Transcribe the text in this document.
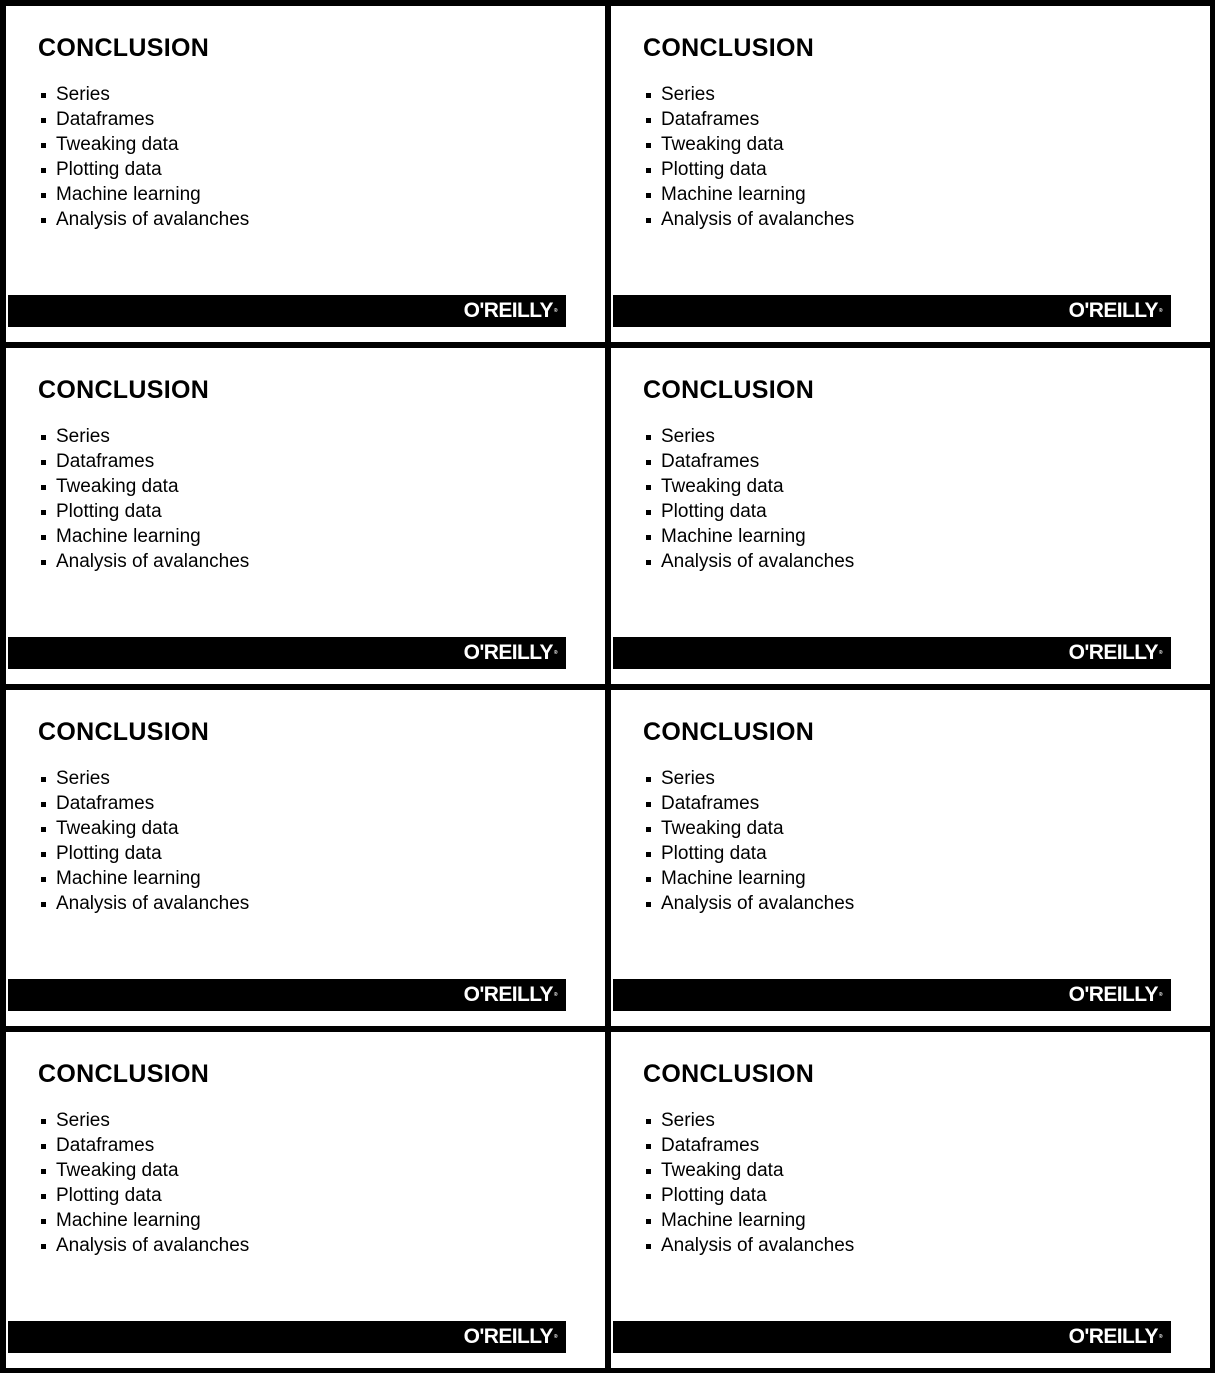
CONCLUSION
Series
Dataframes
Tweaking data
Plotting data
Machine learning
Analysis of avalanches
O'REILLY®
CONCLUSION
Series
Dataframes
Tweaking data
Plotting data
Machine learning
Analysis of avalanches
O'REILLY®
CONCLUSION
Series
Dataframes
Tweaking data
Plotting data
Machine learning
Analysis of avalanches
O'REILLY®
CONCLUSION
Series
Dataframes
Tweaking data
Plotting data
Machine learning
Analysis of avalanches
O'REILLY®
CONCLUSION
Series
Dataframes
Tweaking data
Plotting data
Machine learning
Analysis of avalanches
O'REILLY®
CONCLUSION
Series
Dataframes
Tweaking data
Plotting data
Machine learning
Analysis of avalanches
O'REILLY®
CONCLUSION
Series
Dataframes
Tweaking data
Plotting data
Machine learning
Analysis of avalanches
O'REILLY®
CONCLUSION
Series
Dataframes
Tweaking data
Plotting data
Machine learning
Analysis of avalanches
O'REILLY®
